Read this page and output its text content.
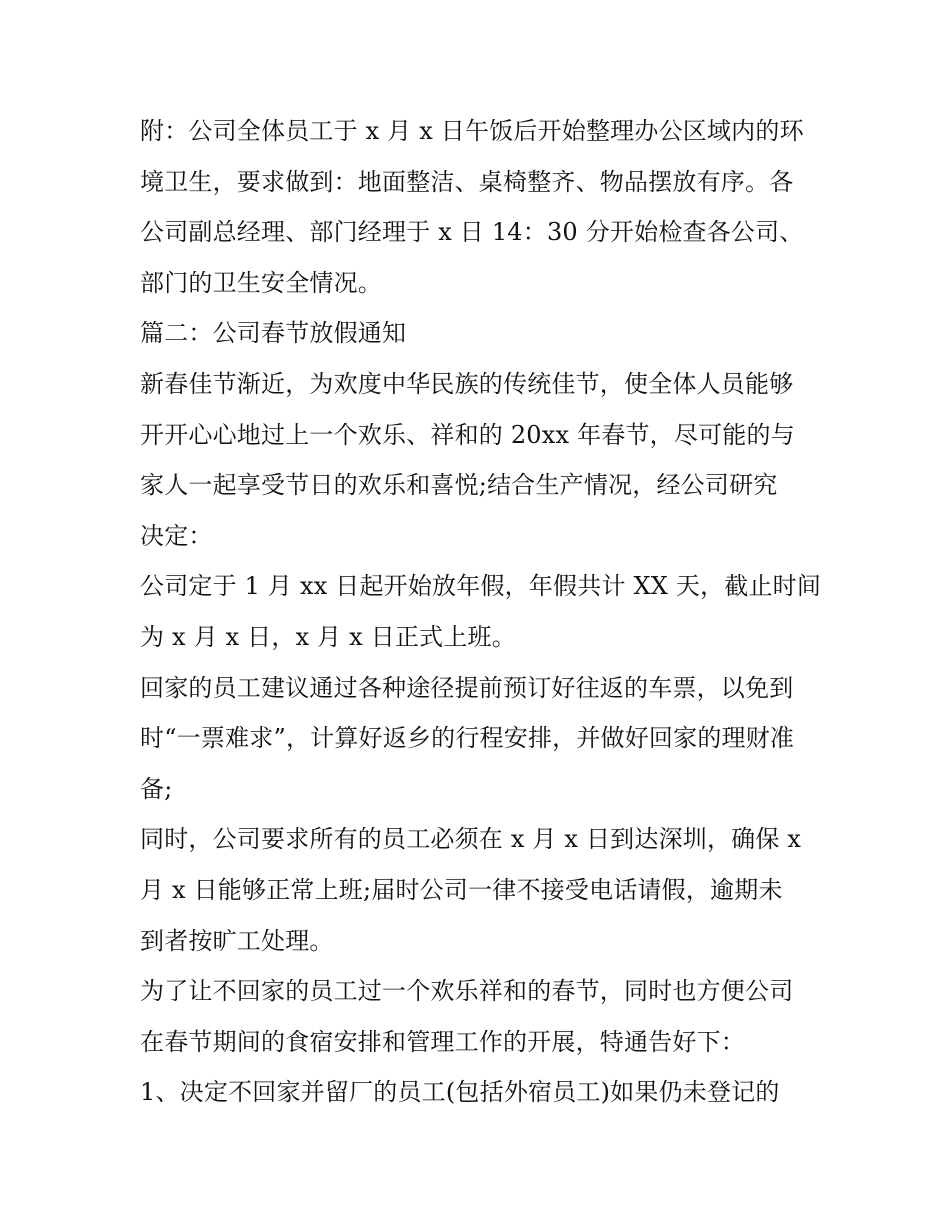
附：公司全体员工于 x 月 x 日午饭后开始整理办公区域内的环
境卫生，要求做到：地面整洁、桌椅整齐、物品摆放有序。各
公司副总经理、部门经理于 x 日 14：30 分开始检查各公司、
部门的卫生安全情况。
篇二：公司春节放假通知
新春佳节渐近，为欢度中华民族的传统佳节，使全体人员能够
开开心心地过上一个欢乐、祥和的 20xx 年春节，尽可能的与
家人一起享受节日的欢乐和喜悦;结合生产情况，经公司研究
决定：
公司定于 1 月 xx 日起开始放年假，年假共计 XX 天，截止时间
为 x 月 x 日，x 月 x 日正式上班。
回家的员工建议通过各种途径提前预订好往返的车票，以免到
时“一票难求”，计算好返乡的行程安排，并做好回家的理财准
备;
同时，公司要求所有的员工必须在 x 月 x 日到达深圳，确保 x
月 x 日能够正常上班;届时公司一律不接受电话请假，逾期未
到者按旷工处理。
为了让不回家的员工过一个欢乐祥和的春节，同时也方便公司
在春节期间的食宿安排和管理工作的开展，特通告好下：
1、决定不回家并留厂的员工(包括外宿员工)如果仍未登记的
